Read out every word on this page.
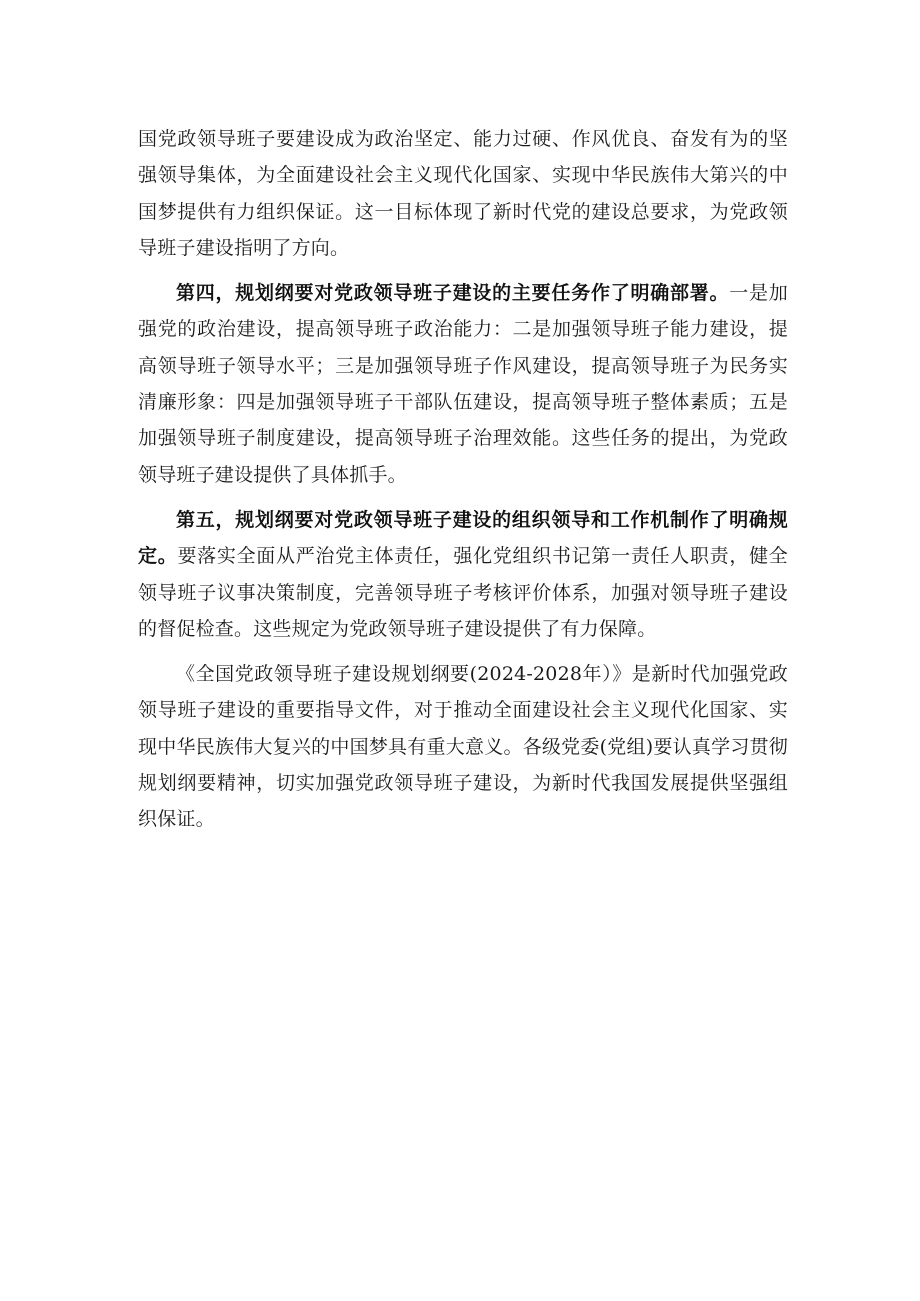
国党政领导班子要建设成为政治坚定、能力过硬、作风优良、奋发有为的坚强领导集体，为全面建设社会主义现代化国家、实现中华民族伟大第兴的中国梦提供有力组织保证。这一目标体现了新时代党的建设总要求，为党政领导班子建设指明了方向。

第四，规划纲要对党政领导班子建设的主要任务作了明确部署。一是加强党的政治建设，提高领导班子政治能力：二是加强领导班子能力建设，提高领导班子领导水平；三是加强领导班子作风建设，提高领导班子为民务实清廉形象：四是加强领导班子干部队伍建设，提高领导班子整体素质；五是加强领导班子制度建设，提高领导班子治理效能。这些任务的提出，为党政领导班子建设提供了具体抓手。

第五，规划纲要对党政领导班子建设的组织领导和工作机制作了明确规定。要落实全面从严治党主体责任，强化党组织书记第一责任人职责，健全领导班子议事决策制度，完善领导班子考核评价体系，加强对领导班子建设的督促检查。这些规定为党政领导班子建设提供了有力保障。

《全国党政领导班子建设规划纲要(2024-2028年）》是新时代加强党政领导班子建设的重要指导文件，对于推动全面建设社会主义现代化国家、实现中华民族伟大复兴的中国梦具有重大意义。各级党委(党组)要认真学习贯彻规划纲要精神，切实加强党政领导班子建设，为新时代我国发展提供坚强组织保证。
